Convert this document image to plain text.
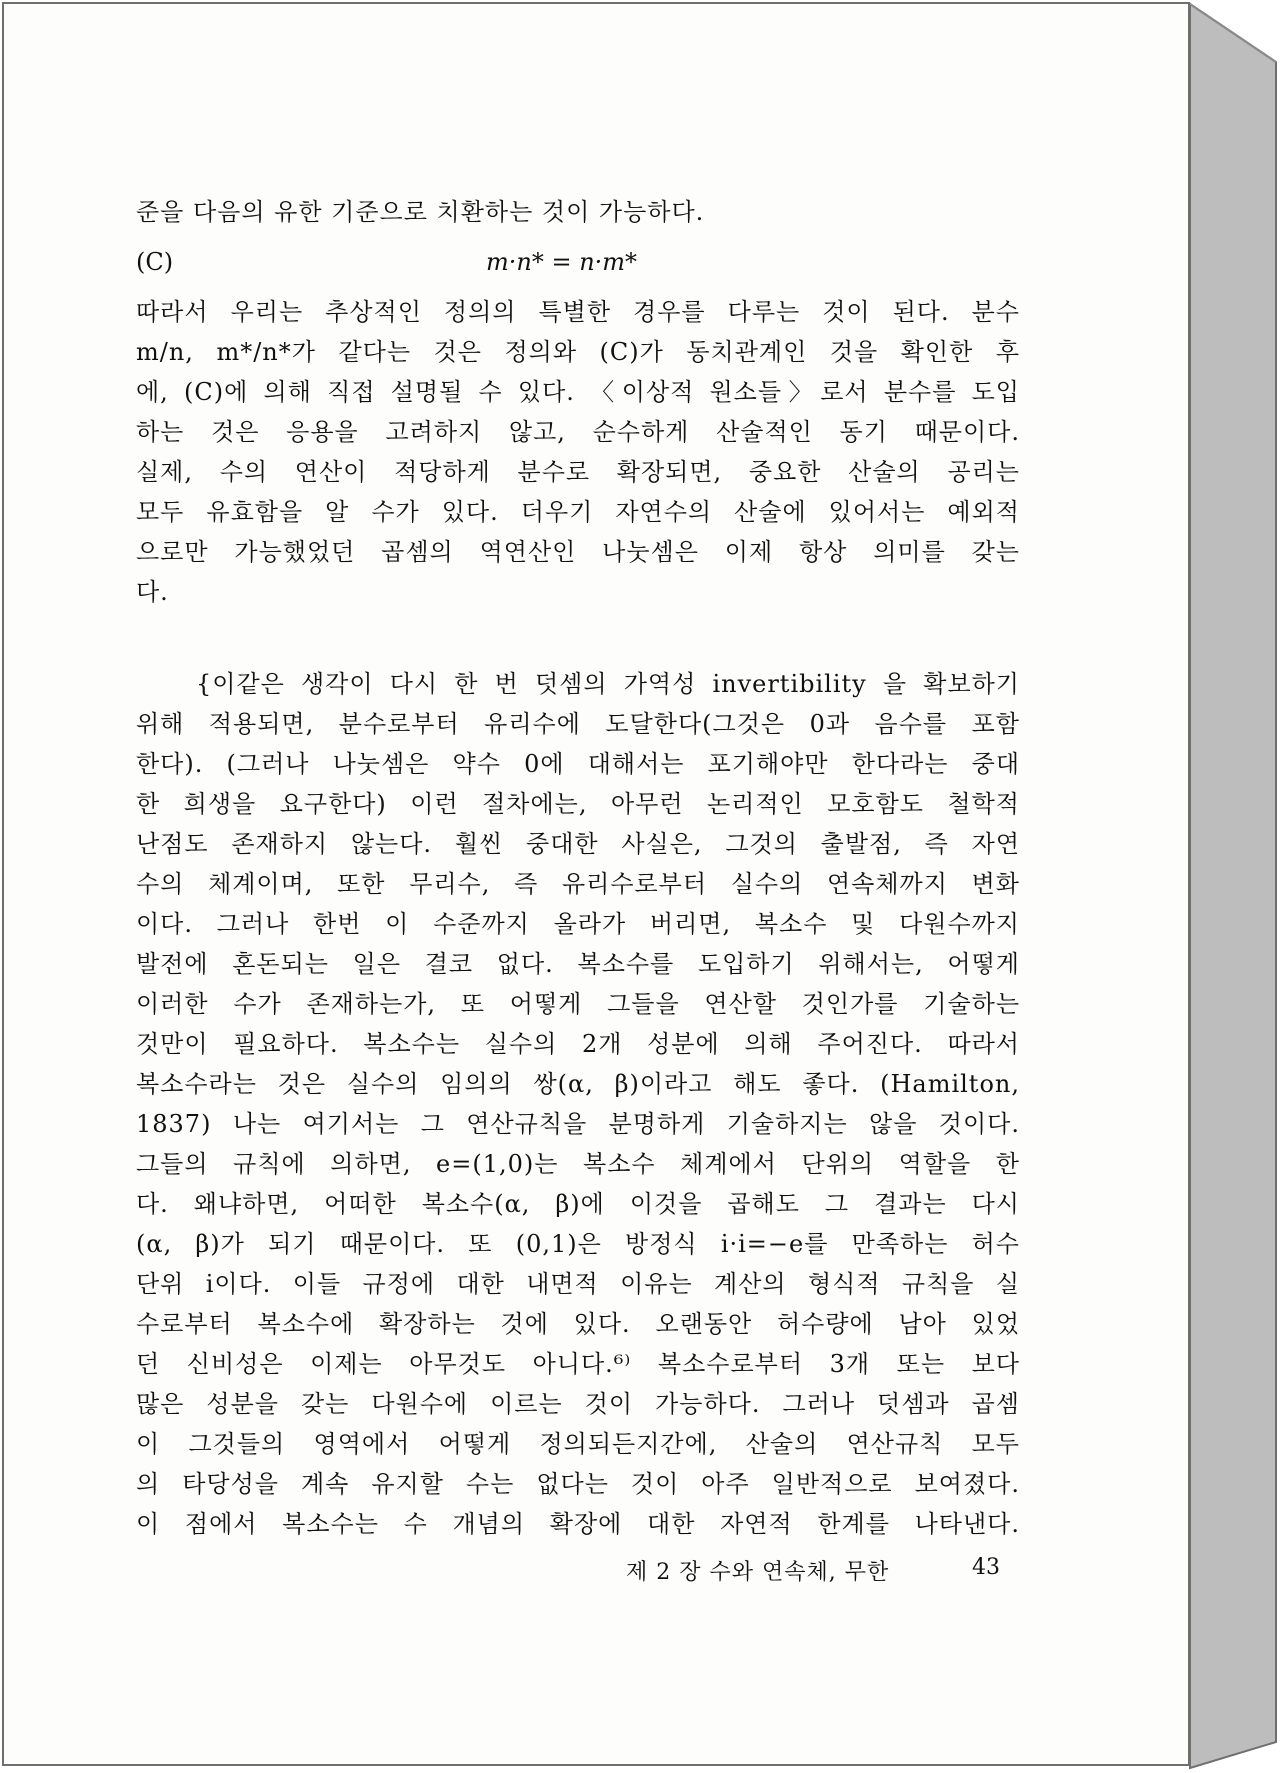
준을 다음의 유한 기준으로 치환하는 것이 가능하다.
(C)	m·n* = n·m*
따라서 우리는 추상적인 정의의 특별한 경우를 다루는 것이 된다. 분수
m/n, m*/n*가 같다는 것은 정의와 (C)가 동치관계인 것을 확인한 후
에, (C)에 의해 직접 설명될 수 있다. 〈이상적 원소들〉로서 분수를 도입
하는 것은 응용을 고려하지 않고, 순수하게 산술적인 동기 때문이다.
실제, 수의 연산이 적당하게 분수로 확장되면, 중요한 산술의 공리는
모두 유효함을 알 수가 있다. 더우기 자연수의 산술에 있어서는 예외적
으로만 가능했었던 곱셈의 역연산인 나눗셈은 이제 항상 의미를 갖는
다.
{이같은 생각이 다시 한 번 덧셈의 가역성 invertibility 을 확보하기
위해 적용되면, 분수로부터 유리수에 도달한다(그것은 0과 음수를 포함
한다). (그러나 나눗셈은 약수 0에 대해서는 포기해야만 한다라는 중대
한 희생을 요구한다) 이런 절차에는, 아무런 논리적인 모호함도 철학적
난점도 존재하지 않는다. 훨씬 중대한 사실은, 그것의 출발점, 즉 자연
수의 체계이며, 또한 무리수, 즉 유리수로부터 실수의 연속체까지 변화
이다. 그러나 한번 이 수준까지 올라가 버리면, 복소수 및 다원수까지
발전에 혼돈되는 일은 결코 없다. 복소수를 도입하기 위해서는, 어떻게
이러한 수가 존재하는가, 또 어떻게 그들을 연산할 것인가를 기술하는
것만이 필요하다. 복소수는 실수의 2개 성분에 의해 주어진다. 따라서
복소수라는 것은 실수의 임의의 쌍(α, β)이라고 해도 좋다. (Hamilton,
1837) 나는 여기서는 그 연산규칙을 분명하게 기술하지는 않을 것이다.
그들의 규칙에 의하면, e=(1,0)는 복소수 체계에서 단위의 역할을 한
다. 왜냐하면, 어떠한 복소수(α, β)에 이것을 곱해도 그 결과는 다시
(α, β)가 되기 때문이다. 또 (0,1)은 방정식 i·i=−e를 만족하는 허수
단위 i이다. 이들 규정에 대한 내면적 이유는 계산의 형식적 규칙을 실
수로부터 복소수에 확장하는 것에 있다. 오랜동안 허수량에 남아 있었
던 신비성은 이제는 아무것도 아니다.⁶⁾ 복소수로부터 3개 또는 보다
많은 성분을 갖는 다원수에 이르는 것이 가능하다. 그러나 덧셈과 곱셈
이 그것들의 영역에서 어떻게 정의되든지간에, 산술의 연산규칙 모두
의 타당성을 계속 유지할 수는 없다는 것이 아주 일반적으로 보여졌다.
이 점에서 복소수는 수 개념의 확장에 대한 자연적 한계를 나타낸다.
제 2 장 수와 연속체, 무한	43
